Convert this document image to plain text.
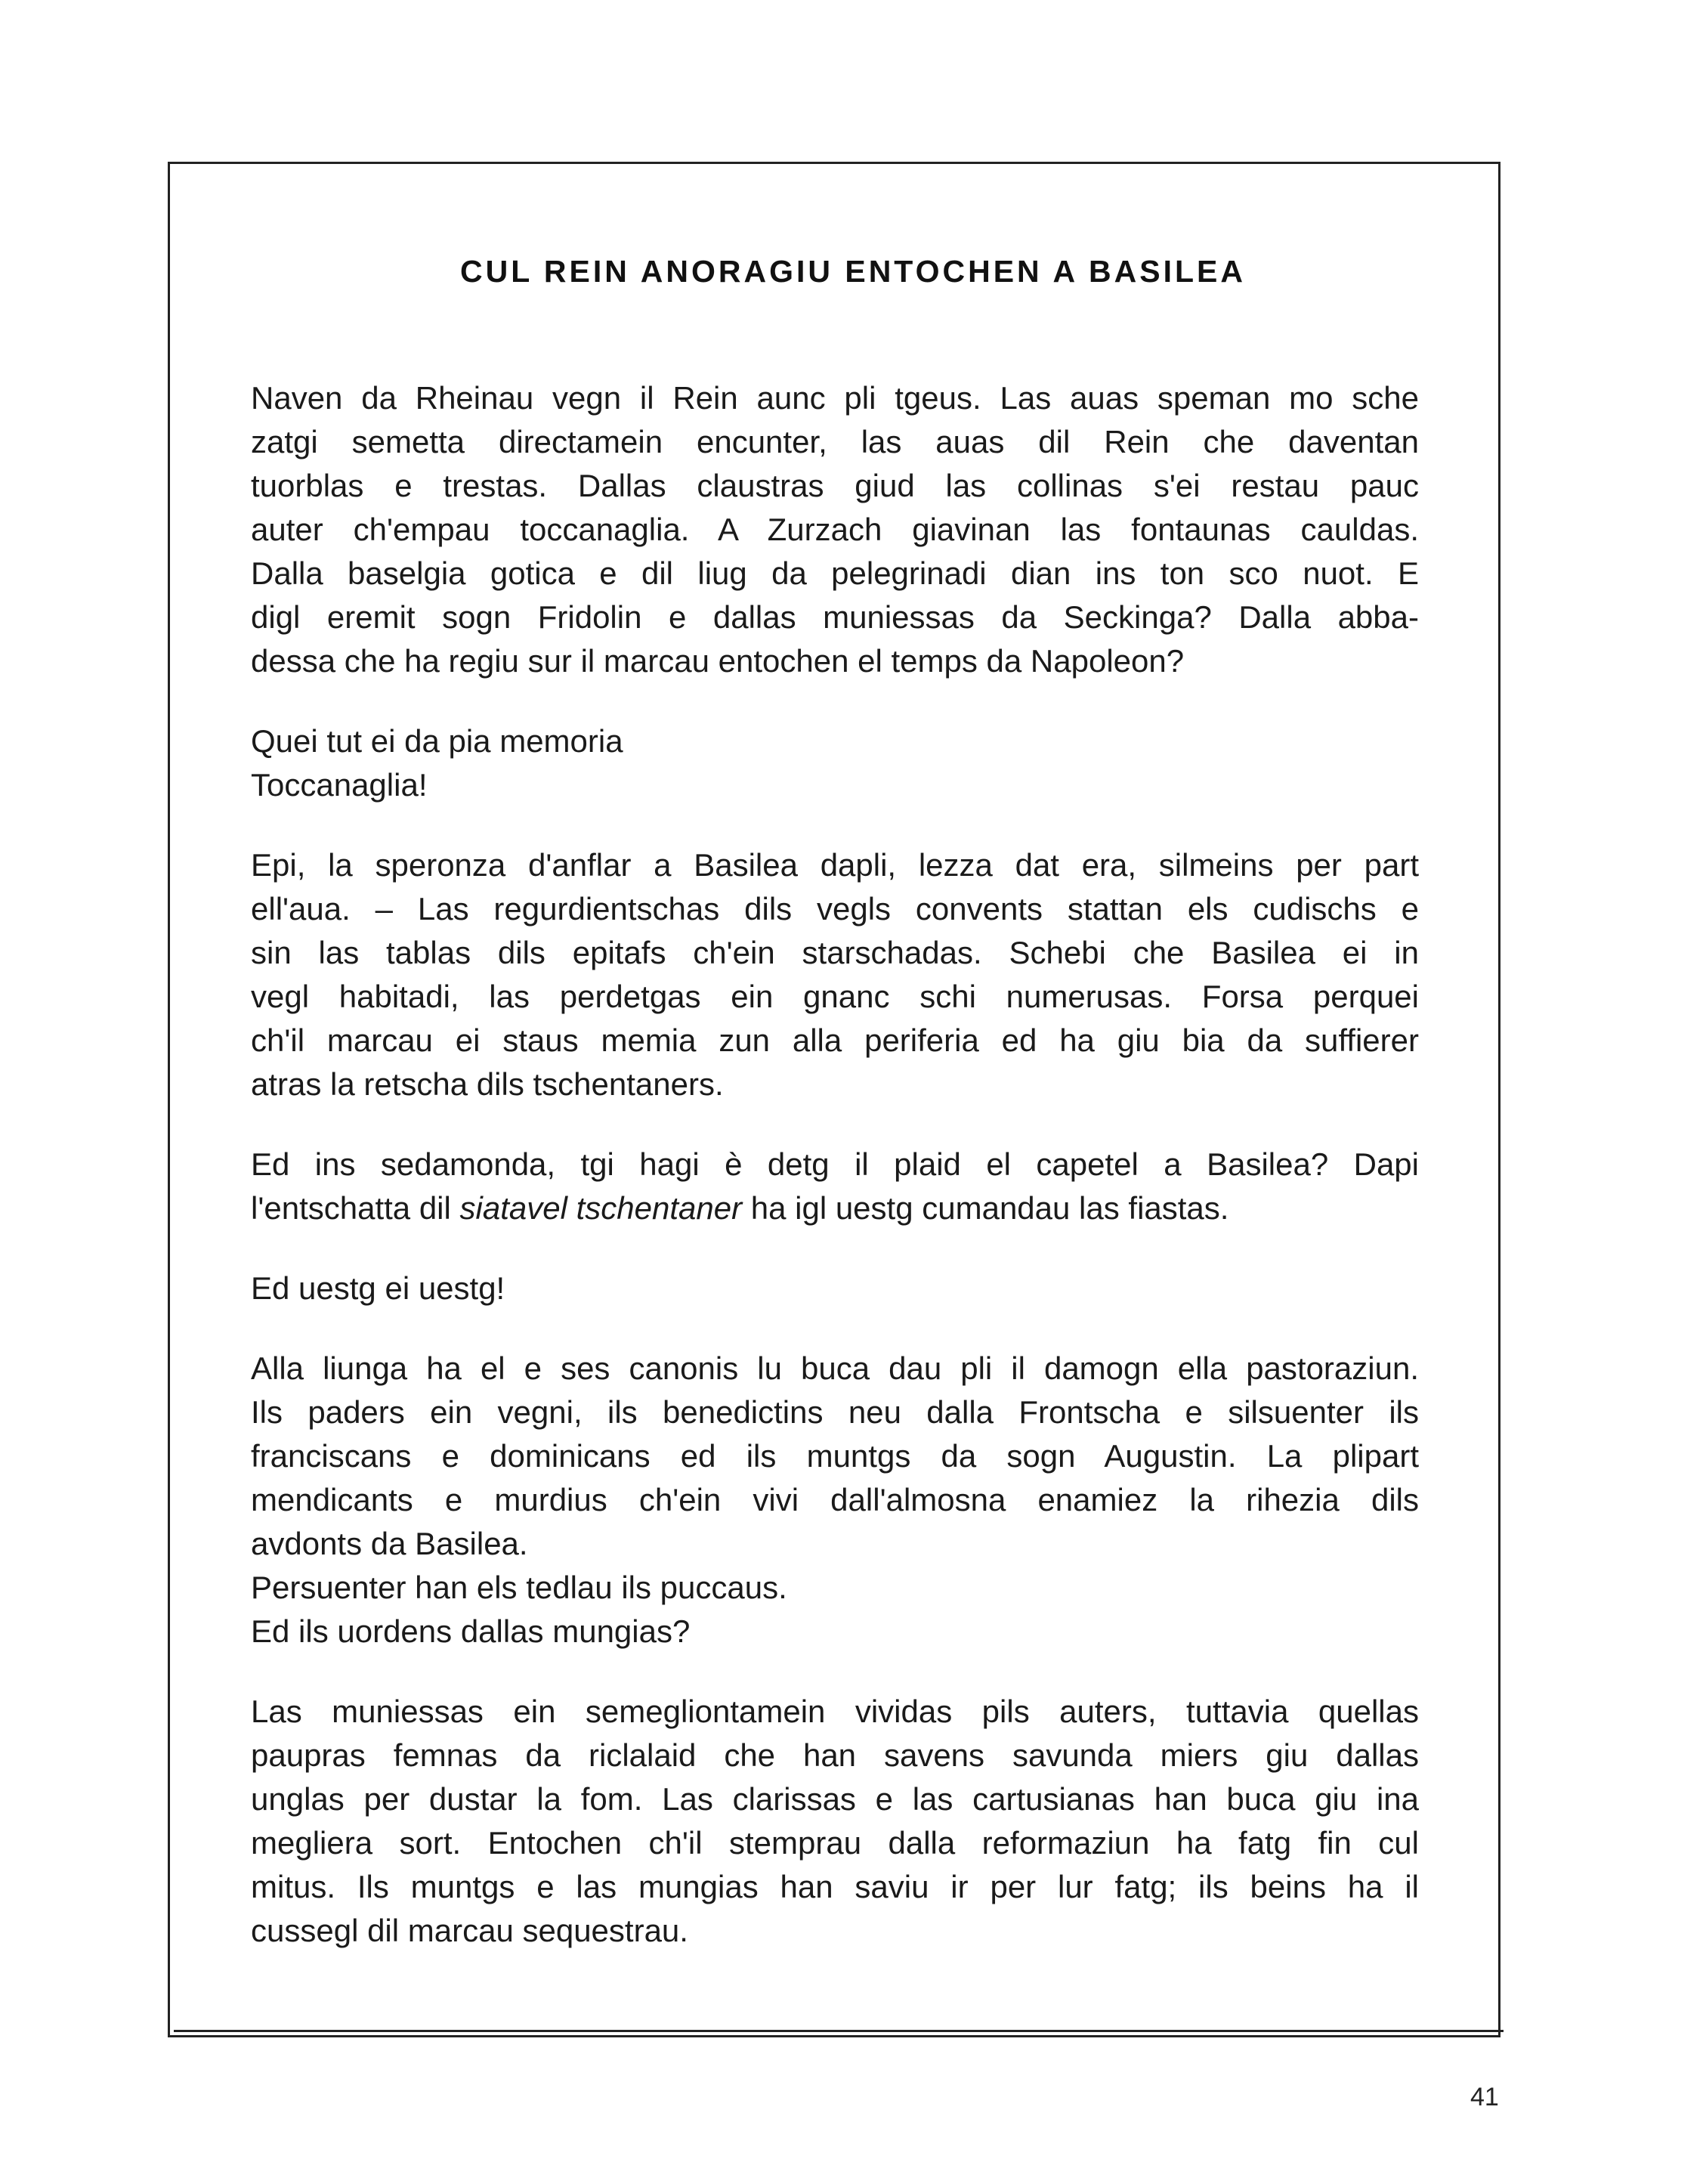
CUL REIN ANORAGIU ENTOCHEN A BASILEA

Naven da Rheinau vegn il Rein aunc pli tgeus. Las auas speman mo sche
zatgi semetta directamein encunter, las auas dil Rein che daventan
tuorblas e trestas. Dallas claustras giud las collinas s'ei restau pauc
auter ch'empau toccanaglia. A Zurzach giavinan las fontaunas cauldas.
Dalla baselgia gotica e dil liug da pelegrinadi dian ins ton sco nuot. E
digl eremit sogn Fridolin e dallas muniessas da Seckinga? Dalla abba-
dessa che ha regiu sur il marcau entochen el temps da Napoleon?

Quei tut ei da pia memoria
Toccanaglia!

Epi, la speronza d'anflar a Basilea dapli, lezza dat era, silmeins per part
ell'aua. – Las regurdientschas dils vegls convents stattan els cudischs e
sin las tablas dils epitafs ch'ein starschadas. Schebi che Basilea ei in
vegl habitadi, las perdetgas ein gnanc schi numerusas. Forsa perquei
ch'il marcau ei staus memia zun alla periferia ed ha giu bia da suffierer
atras la retscha dils tschentaners.

Ed ins sedamonda, tgi hagi è detg il plaid el capetel a Basilea? Dapi
l'entschatta dil siatavel tschentaner ha igl uestg cumandau las fiastas.

Ed uestg ei uestg!

Alla liunga ha el e ses canonis lu buca dau pli il damogn ella pastoraziun.
Ils paders ein vegni, ils benedictins neu dalla Frontscha e silsuenter ils
franciscans e dominicans ed ils muntgs da sogn Augustin. La plipart
mendicants e murdius ch'ein vivi dall'almosna enamiez la rihezia dils
avdonts da Basilea.
Persuenter han els tedlau ils puccaus.
Ed ils uordens dallas mungias?

Las muniessas ein semegliontamein vividas pils auters, tuttavia quellas
paupras femnas da riclalaid che han savens savunda miers giu dallas
unglas per dustar la fom. Las clarissas e las cartusianas han buca giu ina
megliera sort. Entochen ch'il stemprau dalla reformaziun ha fatg fin cul
mitus. Ils muntgs e las mungias han saviu ir per lur fatg; ils beins ha il
cussegl dil marcau sequestrau.

41
